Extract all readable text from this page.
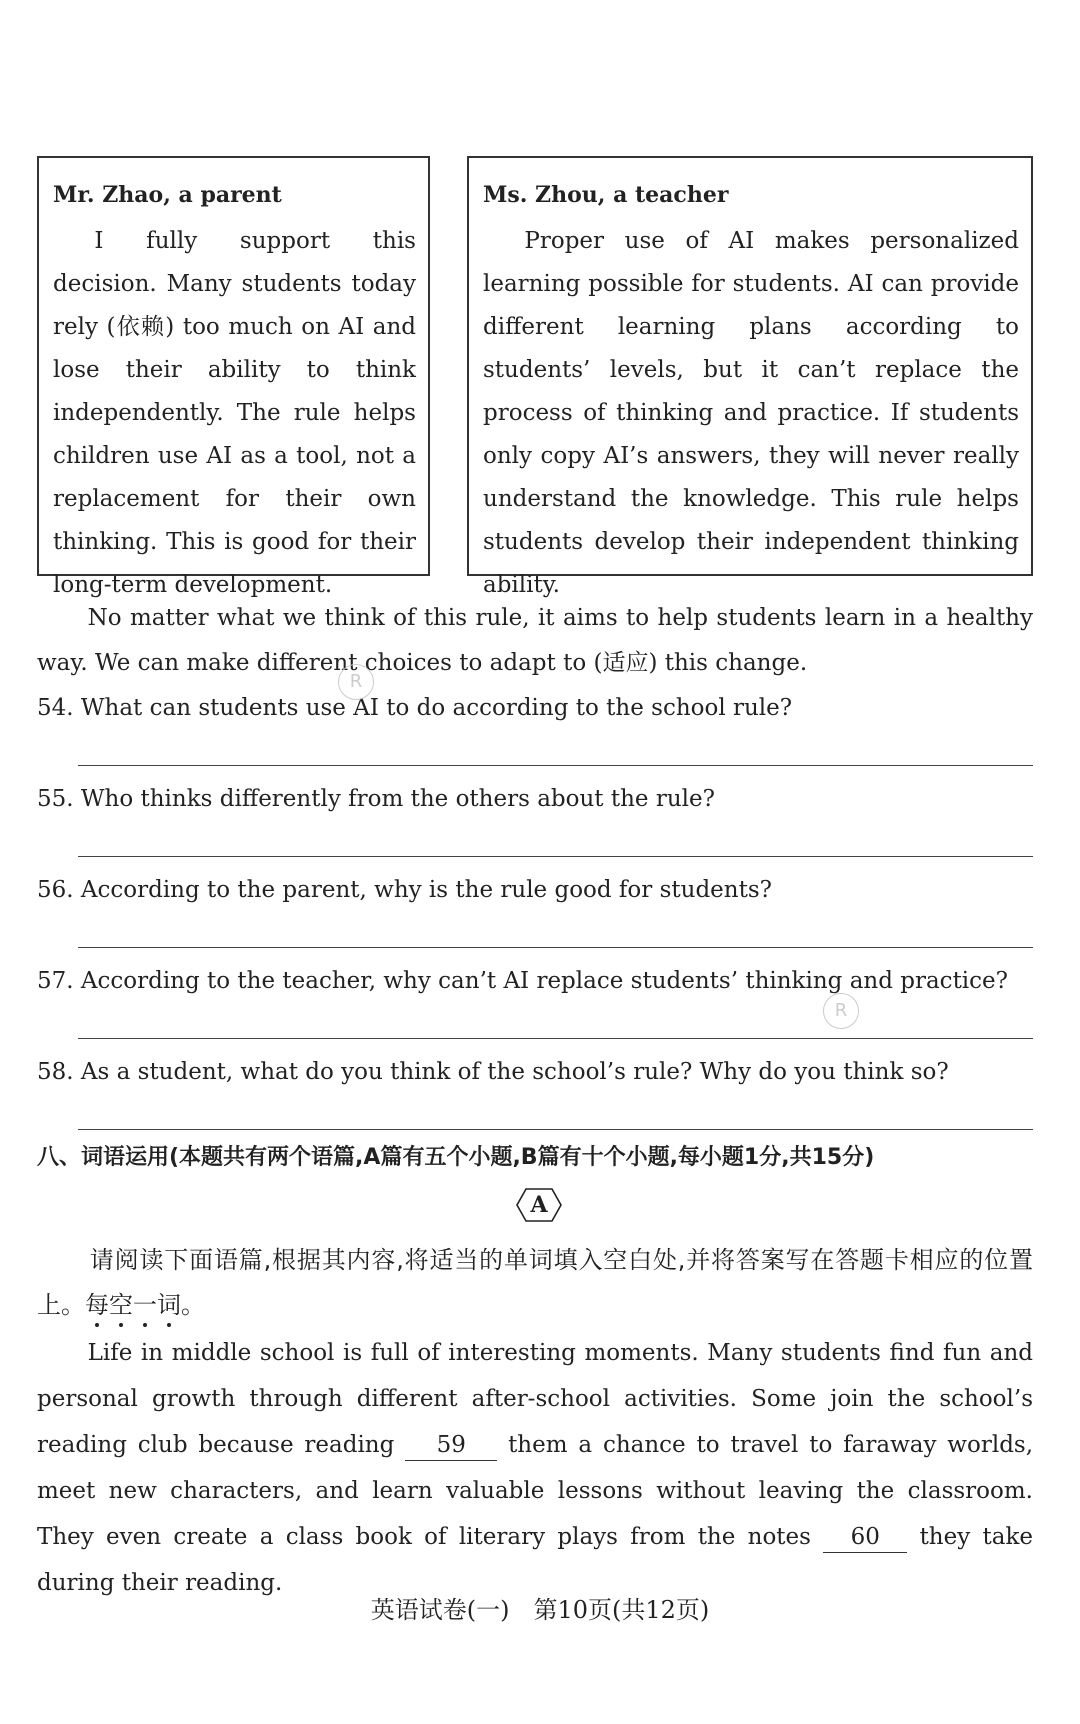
Mr. Zhao, a parent
I fully support this decision. Many students today rely (依赖) too much on AI and lose their ability to think independently. The rule helps children use AI as a tool, not a replacement for their own thinking. This is good for their long-term development.
Ms. Zhou, a teacher
Proper use of AI makes personalized learning possible for students. AI can provide different learning plans according to students’ levels, but it can’t replace the process of thinking and practice. If students only copy AI’s answers, they will never really understand the knowledge. This rule helps students develop their independent thinking ability.
No matter what we think of this rule, it aims to help students learn in a healthy way. We can make different choices to adapt to (适应) this change.
54. What can students use AI to do according to the school rule?
55. Who thinks differently from the others about the rule?
56. According to the parent, why is the rule good for students?
57. According to the teacher, why can’t AI replace students’ thinking and practice?
58. As a student, what do you think of the school’s rule? Why do you think so?
八、词语运用(本题共有两个语篇,A篇有五个小题,B篇有十个小题,每小题1分,共15分)
A
请阅读下面语篇,根据其内容,将适当的单词填入空白处,并将答案写在答题卡相应的位置上。每空一词。
Life in middle school is full of interesting moments. Many students find fun and personal growth through different after-school activities. Some join the school’s reading club because reading 59 them a chance to travel to faraway worlds, meet new characters, and learn valuable lessons without leaving the classroom. They even create a class book of literary plays from the notes 60 they take during their reading.
R
R
英语试卷(一)　第10页(共12页)
